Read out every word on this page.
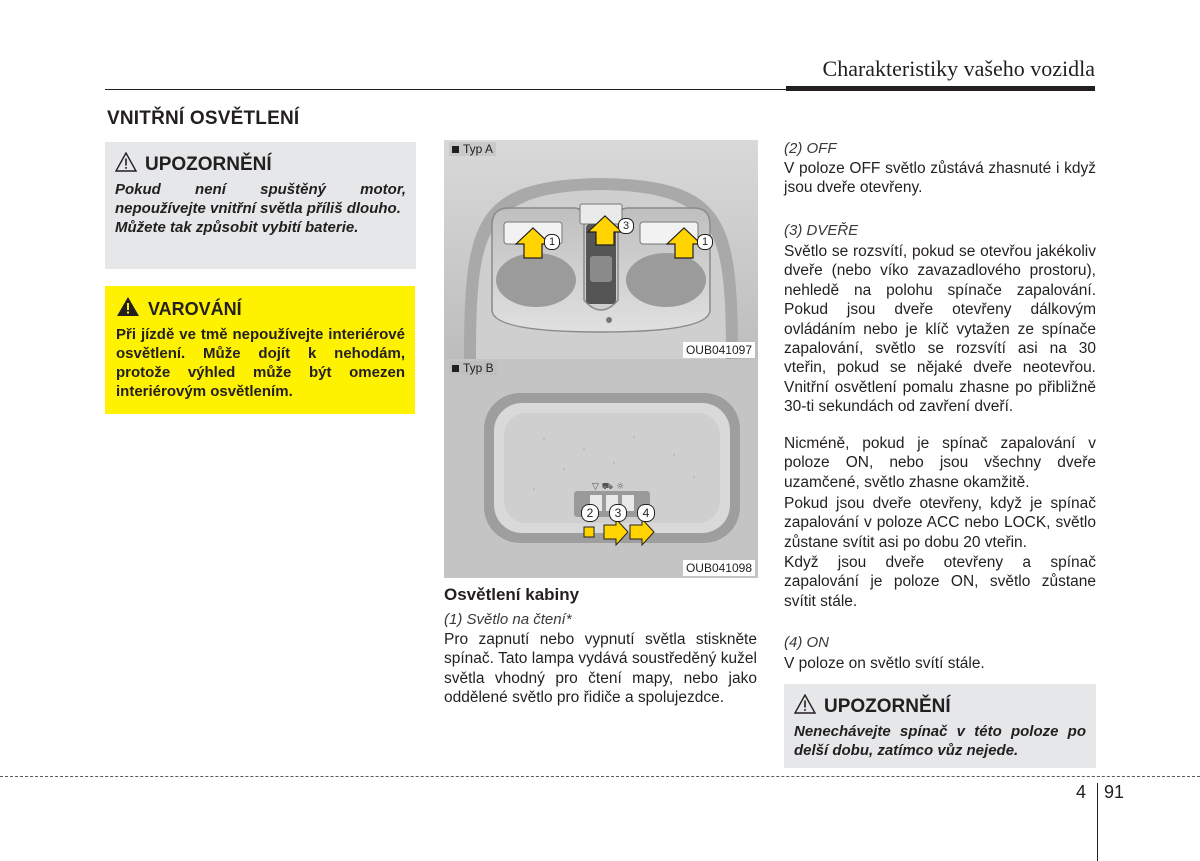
Charakteristiky vašeho vozidla
VNITŘNÍ OSVĚTLENÍ
UPOZORNĚNÍ
Pokud není spuštěný motor, nepoužívejte vnitřní světla příliš dlouho.
Můžete tak způsobit vybití baterie.
VAROVÁNÍ
Při jízdě ve tmě nepoužívejte interiérové osvětlení. Může dojít k nehodám, protože výhled může být omezen interiérovým osvětlením.
1
3
1
OUB041097
Typ A
▽ ⛟ ☼
2	3	4
OUB041098
Typ B
Osvětlení kabiny
(1) Světlo na čtení*

Pro zapnutí nebo vypnutí světla stiskněte spínač. Tato lampa vydává soustředěný kužel světla vhodný pro čtení mapy, nebo jako oddělené světlo pro řidiče a spolujezdce.

(2) OFF

V poloze OFF světlo zůstává zhasnuté i když jsou dveře otevřeny.

(3) DVEŘE

Světlo se rozsvítí, pokud se otevřou jakékoliv dveře (nebo víko zavazadlového prostoru), nehledě na polohu spínače zapalování. Pokud jsou dveře otevřeny dálkovým ovládáním nebo je klíč vytažen ze spínače zapalování, světlo se rozsvítí asi na 30 vteřin, pokud se nějaké dveře neotevřou. Vnitřní osvětlení pomalu zhasne po přibližně 30-ti sekundách od zavření dveří.

Nicméně, pokud je spínač zapalování v poloze ON, nebo jsou všechny dveře uzamčené, světlo zhasne okamžitě.

Pokud jsou dveře otevřeny, když je spínač zapalování v poloze ACC nebo LOCK, světlo zůstane svítit asi po dobu 20 vteřin.

Když jsou dveře otevřeny a spínač zapalování je poloze ON, světlo zůstane svítit stále.

(4) ON

V poloze on světlo svítí stále.

UPOZORNĚNÍ
Nenechávejte spínač v této poloze po delší dobu, zatímco vůz nejede.
4 91
